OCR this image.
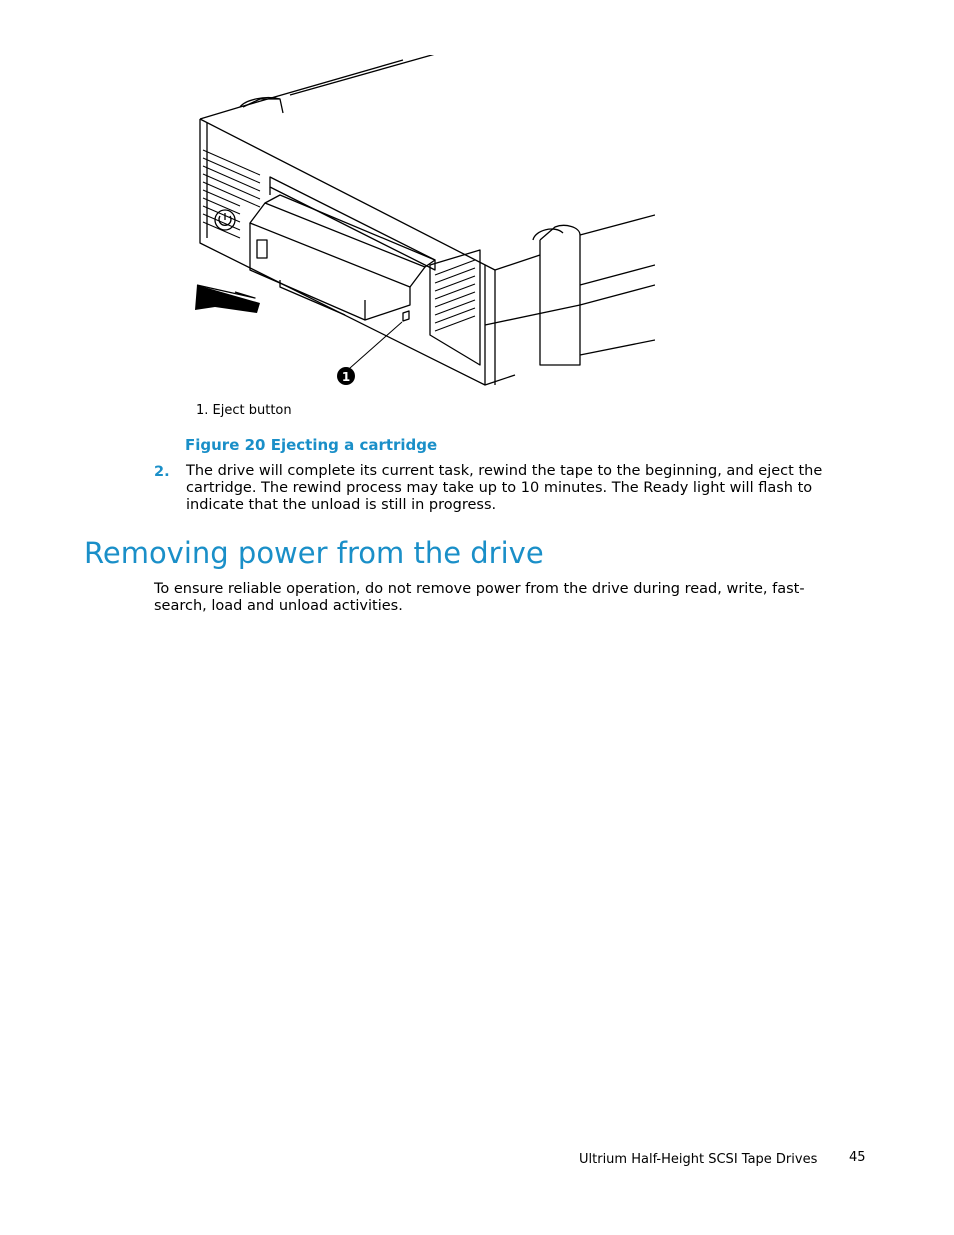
1
1. Eject button
Figure 20 Ejecting a cartridge
2. The drive will complete its current task, rewind the tape to the beginning, and eject the cartridge. The rewind process may take up to 10 minutes. The Ready light will flash to indicate that the unload is still in progress.
Removing power from the drive
To ensure reliable operation, do not remove power from the drive during read, write, fast-search, load and unload activities.
Ultrium Half-Height SCSI Tape Drives 45
